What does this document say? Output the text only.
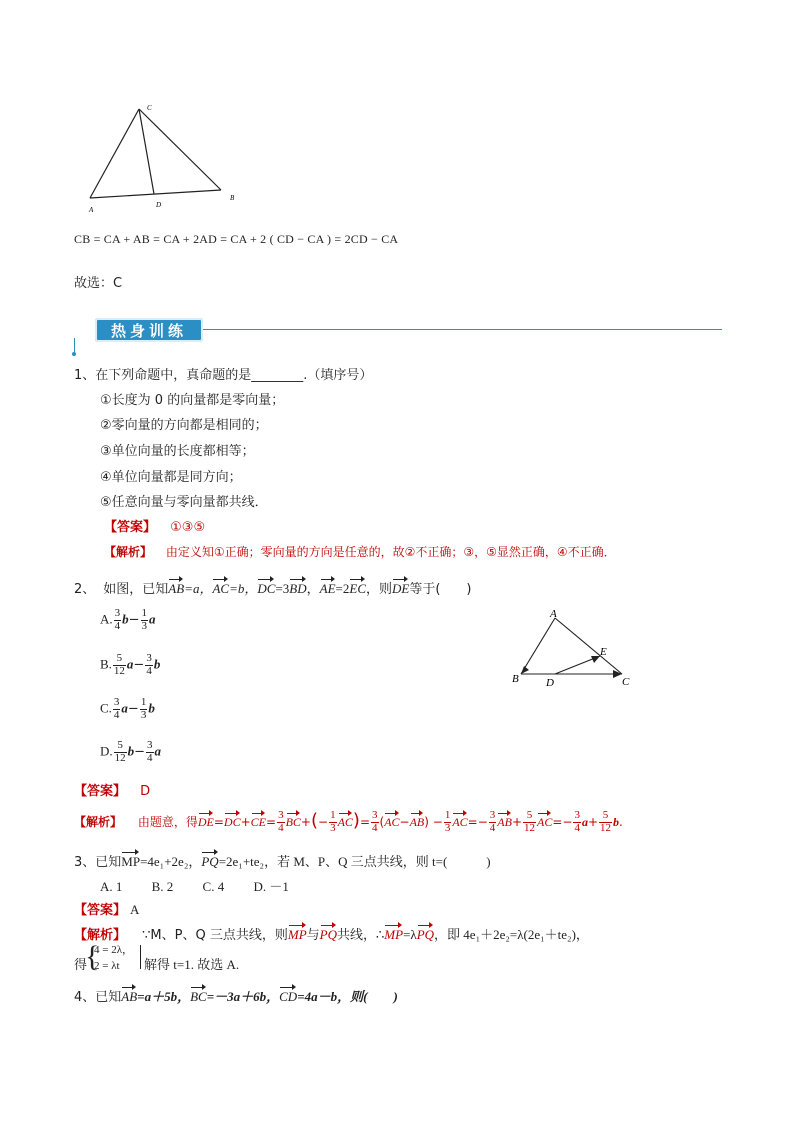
C
A
D
B
CB = CA + AB = CA + 2AD = CA + 2 ( CD − CA ) = 2CD − CA
故选：C
热身训练
1、在下列命题中，真命题的是________.（填序号）
①长度为 0 的向量都是零向量；
②零向量的方向都是相同的；
③单位向量的长度都相等；
④单位向量都是同方向；
⑤任意向量与零向量都共线．
【答案】 ①③⑤
【解析】 由定义知①正确；零向量的方向是任意的，故②不正确；③，⑤显然正确，④不正确．
2、 如图，已知AB=a，AC=b，DC=3BD，AE=2EC，则DE等于(　　)
A. $\frac{3}{4} b- \frac{1}{3}$ a
B. $\frac{5}{12} a- \frac{3}{4}$ b
C. $\frac{3}{4} a- \frac{1}{3}$ b
D. $\frac{5}{12} b- \frac{3}{4}$ a
A
E
B D	C
【答案】 D
【解析】 由题意，得$DE=DC+CE= \frac{3}{4} BC+(- \frac{1}{3} AC)= \frac{3}{4} (AC-AB) - \frac{1}{3} AC=- \frac{3}{4} AB+ \frac{5}{12} AC=- \frac{3}{4} a+ \frac{5}{12} b$.
3、已知MP=4e₁+2e₂，PQ=2e₁+te₂，若 M、P、Q 三点共线，则 t=(　　　)
A. 1　　 B. 2　　 C. 4　　 D. －1
【答案】 A
【解析】 ∵M、P、Q 三点共线，则MP与PQ共线，∴MP=λPQ，即 4e₁＋2e₂=λ(2e₁＋te₂)，
得
{
4 = 2λ，
2 = λt 解得 t=1. 故选 A.
4、已知AB=a＋5b，BC=－3a＋6b，CD=4a－b，则(　　)
